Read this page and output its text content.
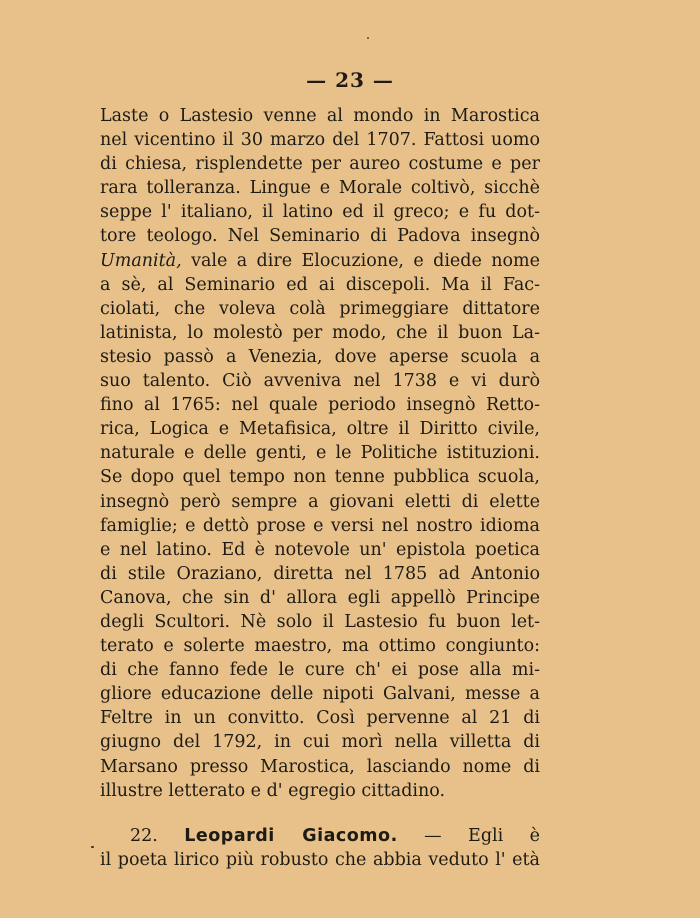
— 23 —
Laste o Lastesio venne al mondo in Marostica
nel vicentino il 30 marzo del 1707. Fattosi uomo
di chiesa, risplendette per aureo costume e per
rara tolleranza. Lingue e Morale coltivò, sicchè
seppe l' italiano, il latino ed il greco; e fu dot-
tore teologo. Nel Seminario di Padova insegnò
Umanità, vale a dire Elocuzione, e diede nome
a sè, al Seminario ed ai discepoli. Ma il Fac-
ciolati, che voleva colà primeggiare dittatore
latinista, lo molestò per modo, che il buon La-
stesio passò a Venezia, dove aperse scuola a
suo talento. Ciò avveniva nel 1738 e vi durò
fino al 1765: nel quale periodo insegnò Retto-
rica, Logica e Metafisica, oltre il Diritto civile,
naturale e delle genti, e le Politiche istituzioni.
Se dopo quel tempo non tenne pubblica scuola,
insegnò però sempre a giovani eletti di elette
famiglie; e dettò prose e versi nel nostro idioma
e nel latino. Ed è notevole un' epistola poetica
di stile Oraziano, diretta nel 1785 ad Antonio
Canova, che sin d' allora egli appellò Principe
degli Scultori. Nè solo il Lastesio fu buon let-
terato e solerte maestro, ma ottimo congiunto:
di che fanno fede le cure ch' ei pose alla mi-
gliore educazione delle nipoti Galvani, messe a
Feltre in un convitto. Così pervenne al 21 di
giugno del 1792, in cui morì nella villetta di
Marsano presso Marostica, lasciando nome di
illustre letterato e d' egregio cittadino.
22. Leopardi Giacomo. — Egli è
il poeta lirico più robusto che abbia veduto l' età
